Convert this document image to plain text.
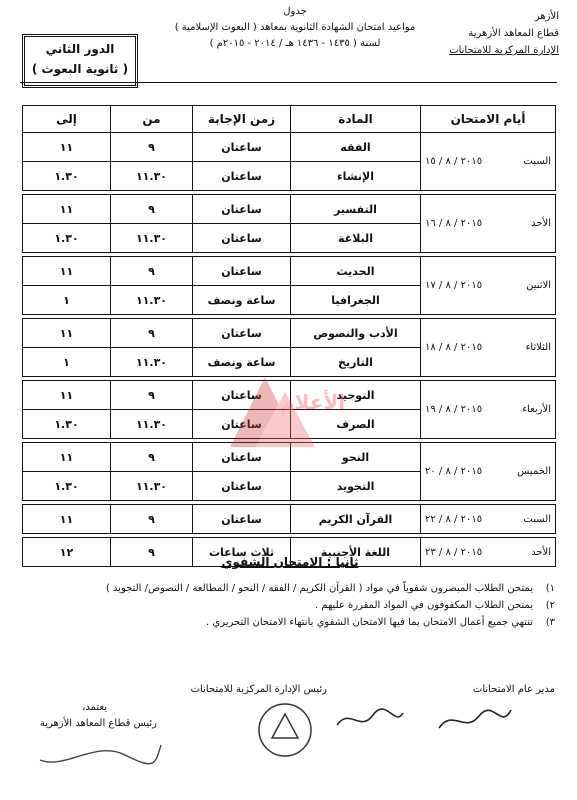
الأزهر
قطاع المعاهد الأزهرية
الإدارة المركزية للامتحانات
جدول
مواعيد امتحان الشهادة الثانوية بمعاهد ( البعوث الإسلامية )
لسنة ( ١٤٣٥ - ١٤٣٦ هـ / ٢٠١٤ - ٢٠١٥م )
الدور الثاني
( ثانوية البعوث )
أيام الامتحان	المادة	زمن الإجابة	من	إلى

السبت
٢٠١٥ / ٨ / ١٥	الفقه	ساعتان	٩	١١
	الإنشاء	ساعتان	١١.٣٠	١.٣٠

الأحد
٢٠١٥ / ٨ / ١٦	التفسير	ساعتان	٩	١١
	البلاغة	ساعتان	١١.٣٠	١.٣٠

الاثنين
٢٠١٥ / ٨ / ١٧	الحديث	ساعتان	٩	١١
	الجغرافيا	ساعة ونصف	١١.٣٠	١

الثلاثاء
٢٠١٥ / ٨ / ١٨	الأدب والنصوص	ساعتان	٩	١١
	التاريخ	ساعة ونصف	١١.٣٠	١

الأربعاء
٢٠١٥ / ٨ / ١٩	التوحيد	ساعتان	٩	١١
	الصرف	ساعتان	١١.٣٠	١.٣٠

الخميس
٢٠١٥ / ٨ / ٢٠	النحو	ساعتان	٩	١١
	التجويد	ساعتان	١١.٣٠	١.٣٠

السبت
٢٠١٥ / ٨ / ٢٢	القرآن الكريم	ساعتان	٩	١١

الأحد
٢٠١٥ / ٨ / ٢٣	اللغة الأجنبية	ثلاث ساعات	٩	١٢
الأعلام
ثانيا : الامتحان الشفوي
١)
يمتحن الطلاب المبصرون شفوياً في مواد ( القرآن الكريم / الفقه / النحو / المطالعة / النصوص/ التجويد )
٢)
يمتحن الطلاب المكفوفون في المواد المقررة عليهم .
٣)
تنتهي جميع أعمال الامتحان بما فيها الامتحان الشفوي بانتهاء الامتحان التحريري .
مدير عام الامتحانات
رئيس الإدارة المركزية للامتحانات
يعتمد،
رئيس قطاع المعاهد الأزهرية
